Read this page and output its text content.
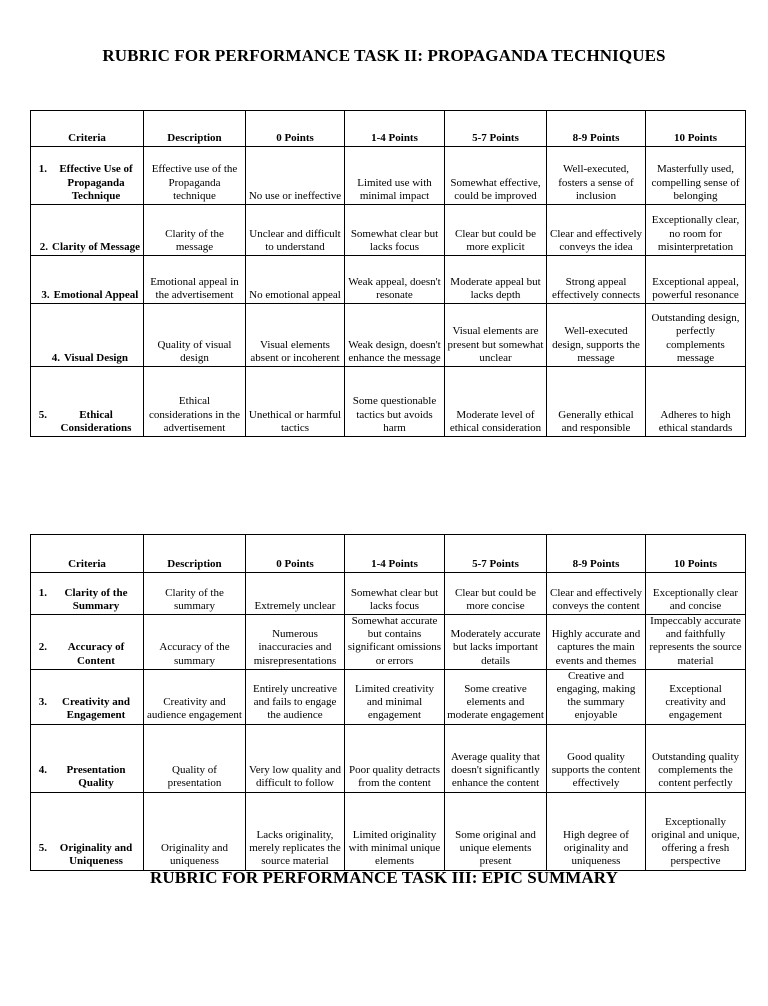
RUBRIC FOR PERFORMANCE TASK II: PROPAGANDA TECHNIQUES
Criteria	Description	0 Points	1-4 Points	5-7 Points	8-9 Points	10 Points

1. Effective Use of Propaganda Technique	Effective use of the Propaganda technique	No use or ineffective	Limited use with minimal impact	Somewhat effective, could be improved	Well-executed, fosters a sense of inclusion	Masterfully used, compelling sense of belonging

2. Clarity of Message	Clarity of the message	Unclear and difficult to understand	Somewhat clear but lacks focus	Clear but could be more explicit	Clear and effectively conveys the idea	Exceptionally clear, no room for misinterpretation

3. Emotional Appeal	Emotional appeal in the advertisement	No emotional appeal	Weak appeal, doesn't resonate	Moderate appeal but lacks depth	Strong appeal effectively connects	Exceptional appeal, powerful resonance

4. Visual Design	Quality of visual design	Visual elements absent or incoherent	Weak design, doesn't enhance the message	Visual elements are present but somewhat unclear	Well-executed design, supports the message	Outstanding design, perfectly complements message

5. Ethical Considerations	Ethical considerations in the advertisement	Unethical or harmful tactics	Some questionable tactics but avoids harm	Moderate level of ethical consideration	Generally ethical and responsible	Adheres to high ethical standards
Criteria	Description	0 Points	1-4 Points	5-7 Points	8-9 Points	10 Points

1. Clarity of the Summary	Clarity of the summary	Extremely unclear	Somewhat clear but lacks focus	Clear but could be more concise	Clear and effectively conveys the content	Exceptionally clear and concise

2. Accuracy of Content	Accuracy of the summary	Numerous inaccuracies and misrepresentations	Somewhat accurate but contains significant omissions or errors	Moderately accurate but lacks important details	Highly accurate and captures the main events and themes	Impeccably accurate and faithfully represents the source material

3. Creativity and Engagement	Creativity and audience engagement	Entirely uncreative and fails to engage the audience	Limited creativity and minimal engagement	Some creative elements and moderate engagement	Creative and engaging, making the summary enjoyable	Exceptional creativity and engagement

4. Presentation Quality	Quality of presentation	Very low quality and difficult to follow	Poor quality detracts from the content	Average quality that doesn't significantly enhance the content	Good quality supports the content effectively	Outstanding quality complements the content perfectly

5. Originality and Uniqueness	Originality and uniqueness	Lacks originality, merely replicates the source material	Limited originality with minimal unique elements	Some original and unique elements present	High degree of originality and uniqueness	Exceptionally original and unique, offering a fresh perspective
RUBRIC FOR PERFORMANCE TASK III: EPIC SUMMARY
